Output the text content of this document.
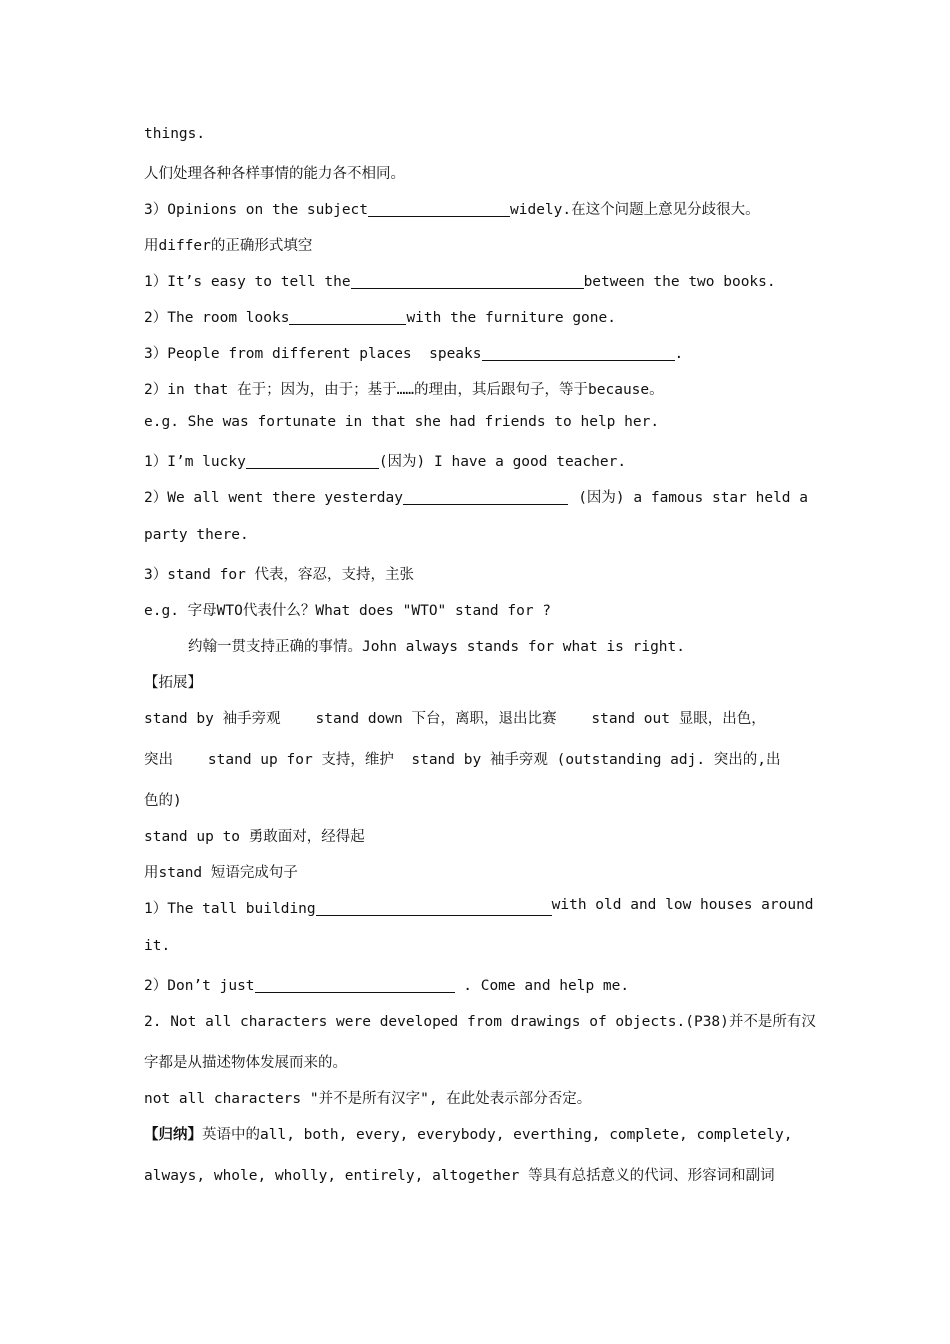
things.
人们处理各种各样事情的能力各不相同。
3）Opinions on the subject	widely.在这个问题上意见分歧很大。
用differ的正确形式填空
1）It’s easy to tell the	between the two books.
2）The room looks	with the furniture gone.
3）People from different places  speaks	.
2）in that 在于；因为，由于；基于……的理由，其后跟句子，等于because。
e.g. She was fortunate in that she had friends to help her.
1）I’m lucky	(因为) I have a good teacher.
2）We all went there yesterday	(因为) a famous star held a
party there.
3）stand for 代表，容忍，支持，主张
e.g. 字母WTO代表什么？What does "WTO" stand for ?
约翰一贯支持正确的事情。John always stands for what is right.
【拓展】
stand by 袖手旁观    stand down 下台，离职，退出比赛    stand out 显眼，出色，
突出    stand up for 支持，维护  stand by 袖手旁观 (outstanding adj. 突出的,出
色的)
stand up to 勇敢面对，经得起
用stand 短语完成句子
1）The tall building	with old and low houses around
it.
2）Don’t just	. Come and help me.
2. Not all characters were developed from drawings of objects.(P38)并不是所有汉
字都是从描述物体发展而来的。
not all characters "并不是所有汉字", 在此处表示部分否定。
【归纳】英语中的all, both, every, everybody, everthing, complete, completely,
always, whole, wholly, entirely, altogether 等具有总括意义的代词、形容词和副词
